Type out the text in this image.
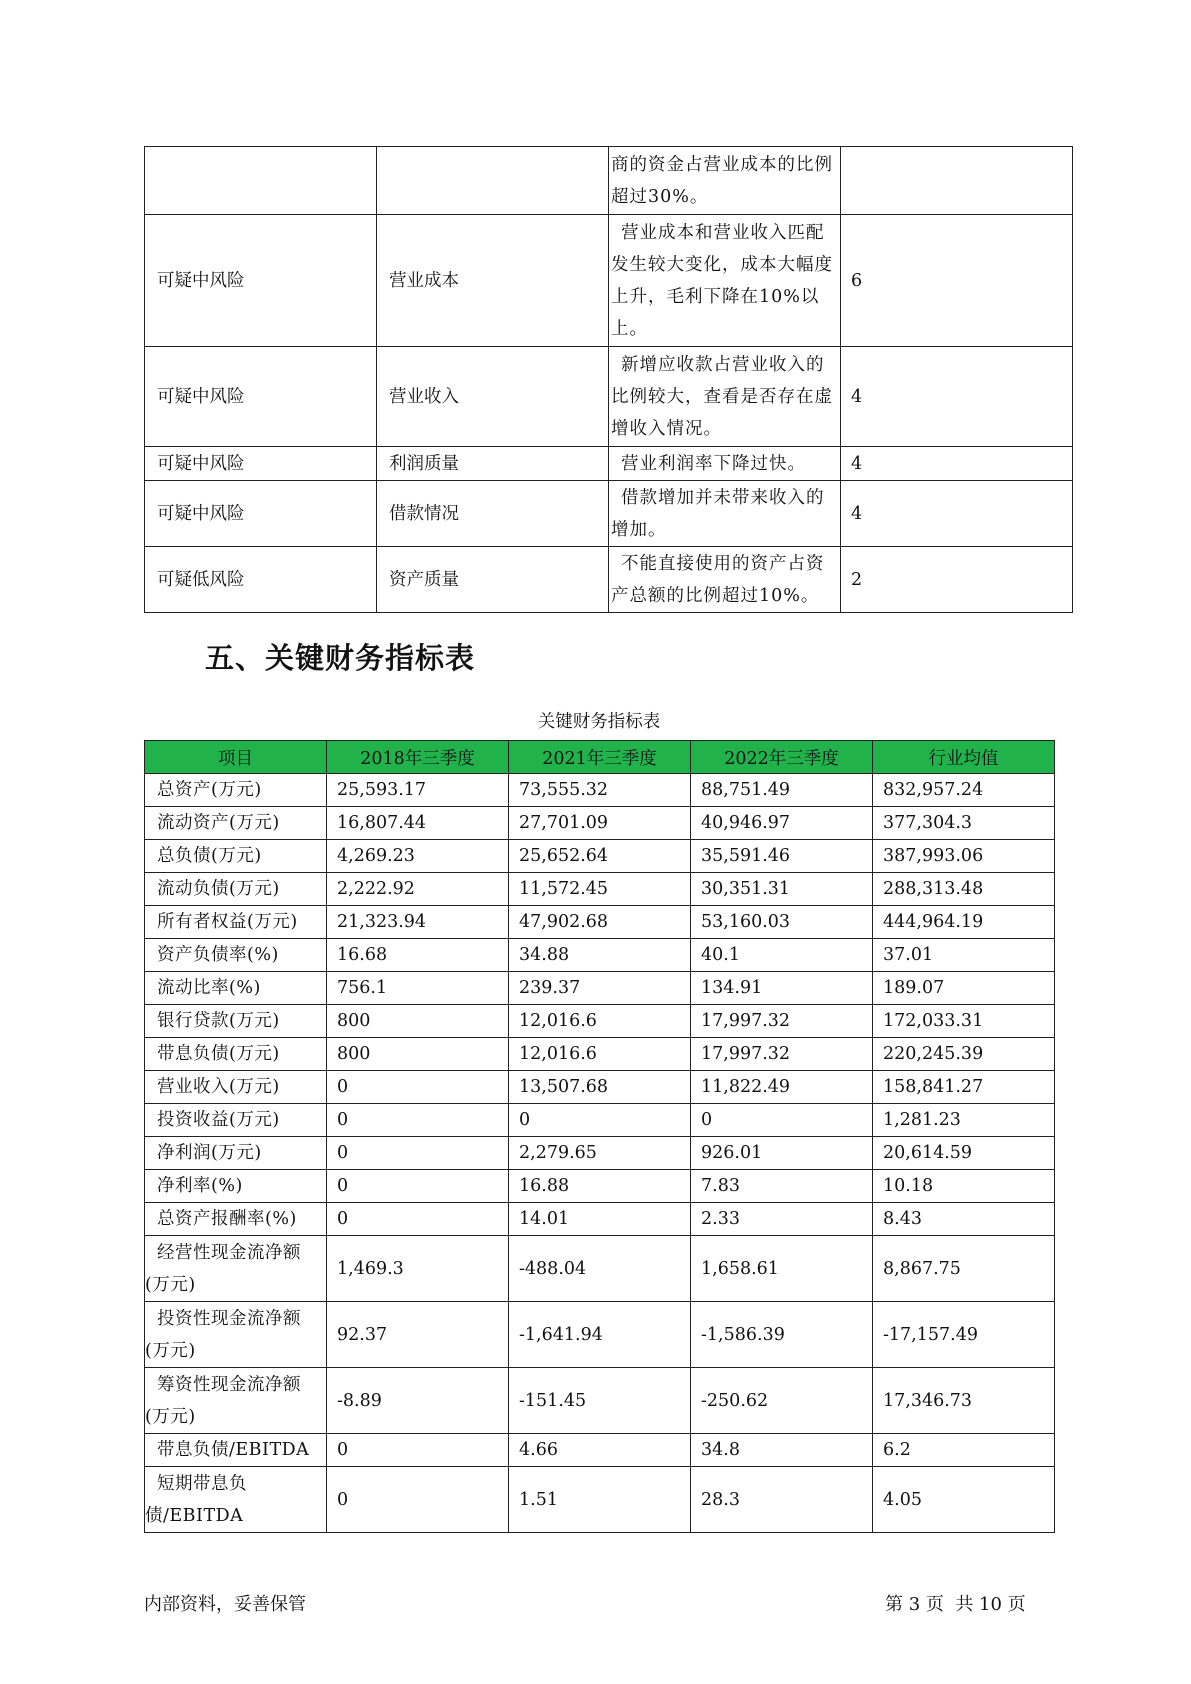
		商的资金占营业成本的比例超过30%。	
可疑中风险	营业成本	营业成本和营业收入匹配发生较大变化，成本大幅度上升，毛利下降在10%以上。	6
可疑中风险	营业收入	新增应收款占营业收入的比例较大，查看是否存在虚增收入情况。	4
可疑中风险	利润质量	营业利润率下降过快。	4
可疑中风险	借款情况	借款增加并未带来收入的增加。	4
可疑低风险	资产质量	不能直接使用的资产占资产总额的比例超过10%。	2
五、关键财务指标表
关键财务指标表
项目	2018年三季度	2021年三季度	2022年三季度	行业均值
总资产(万元)	25,593.17	73,555.32	88,751.49	832,957.24
流动资产(万元)	16,807.44	27,701.09	40,946.97	377,304.3
总负债(万元)	4,269.23	25,652.64	35,591.46	387,993.06
流动负债(万元)	2,222.92	11,572.45	30,351.31	288,313.48
所有者权益(万元)	21,323.94	47,902.68	53,160.03	444,964.19
资产负债率(%)	16.68	34.88	40.1	37.01
流动比率(%)	756.1	239.37	134.91	189.07
银行贷款(万元)	800	12,016.6	17,997.32	172,033.31
带息负债(万元)	800	12,016.6	17,997.32	220,245.39
营业收入(万元)	0	13,507.68	11,822.49	158,841.27
投资收益(万元)	0	0	0	1,281.23
净利润(万元)	0	2,279.65	926.01	20,614.59
净利率(%)	0	16.88	7.83	10.18
总资产报酬率(%)	0	14.01	2.33	8.43
经营性现金流净额(万元)	1,469.3	-488.04	1,658.61	8,867.75
投资性现金流净额(万元)	92.37	-1,641.94	-1,586.39	-17,157.49
筹资性现金流净额(万元)	-8.89	-151.45	-250.62	17,346.73
带息负债/EBITDA	0	4.66	34.8	6.2
短期带息负债/EBITDA	0	1.51	28.3	4.05
内部资料，妥善保管	第 3 页  共 10 页
